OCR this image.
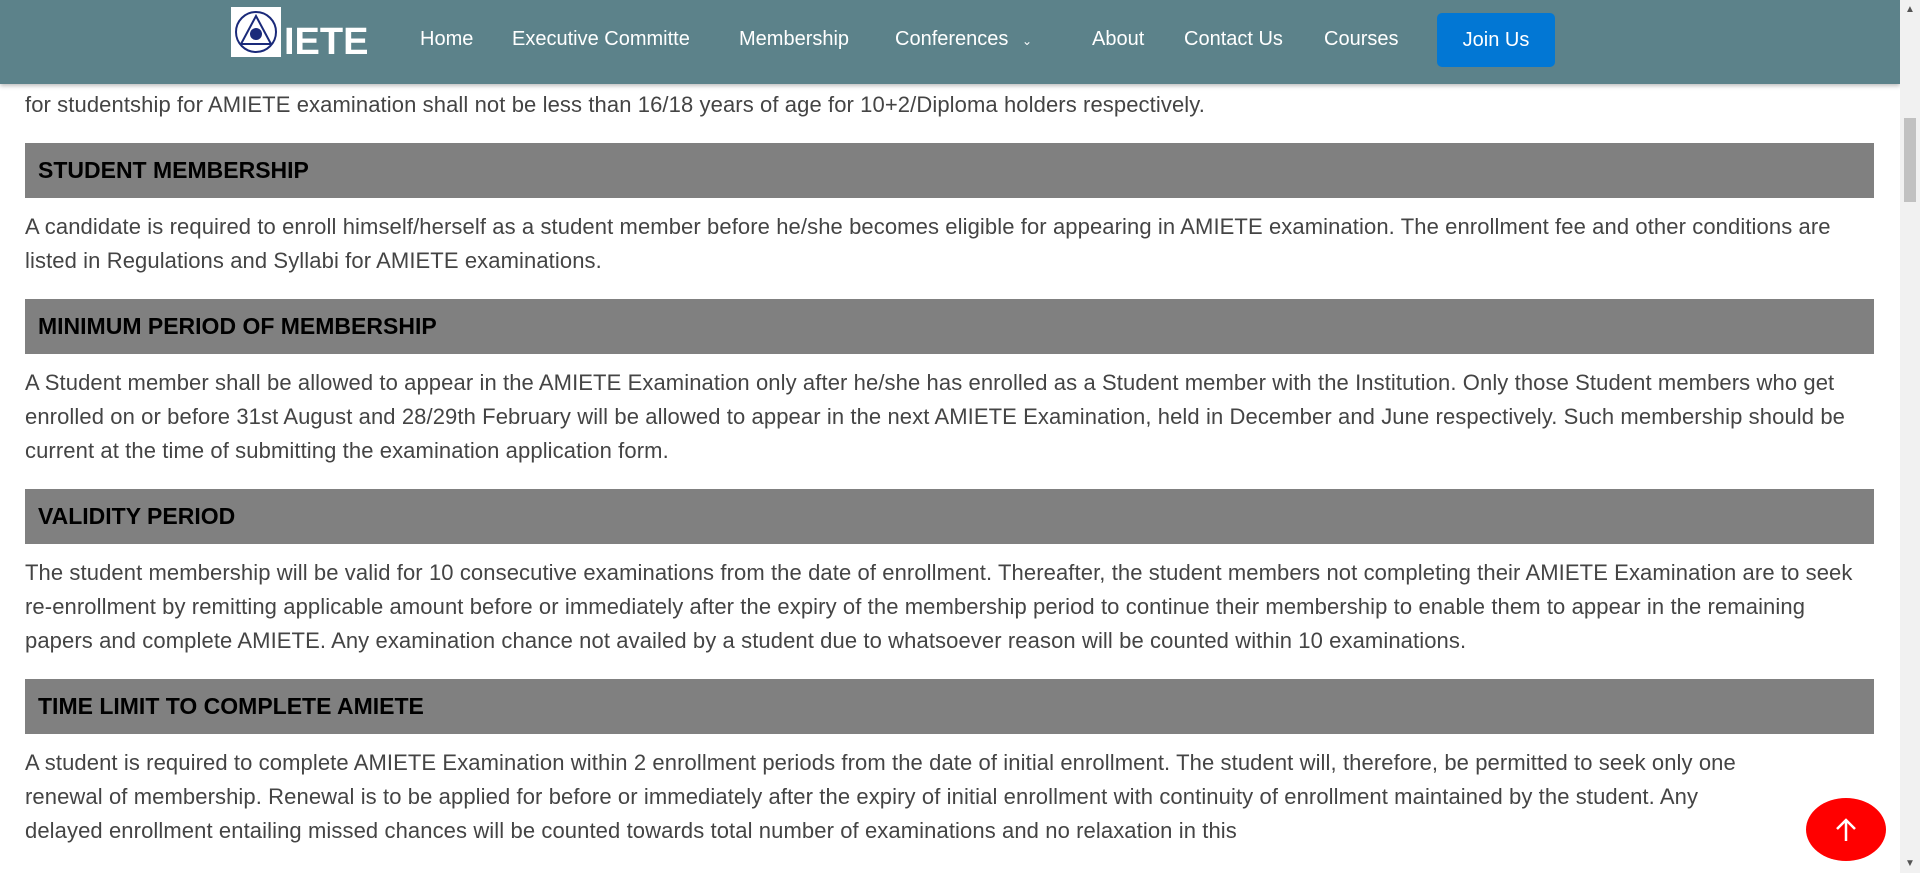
for studentship for AMIETE examination shall not be less than 16/18 years of age for 10+2/Diploma holders respectively.

STUDENT MEMBERSHIP

A candidate is required to enroll himself/herself as a student member before he/she becomes eligible for appearing in AMIETE examination. The enrollment fee and other conditions are listed in Regulations and Syllabi for AMIETE examinations.

MINIMUM PERIOD OF MEMBERSHIP

A Student member shall be allowed to appear in the AMIETE Examination only after he/she has enrolled as a Student member with the Institution. Only those Student members who get enrolled on or before 31st August and 28/29th February will be allowed to appear in the next AMIETE Examination, held in December and June respectively. Such membership should be current at the time of submitting the examination application form.

VALIDITY PERIOD

The student membership will be valid for 10 consecutive examinations from the date of enrollment. Thereafter, the student members not completing their AMIETE Examination are to seek re-enrollment by remitting applicable amount before or immediately after the expiry of the membership period to continue their membership to enable them to appear in the remaining papers and complete AMIETE. Any examination chance not availed by a student due to whatsoever reason will be counted within 10 examinations.

TIME LIMIT TO COMPLETE AMIETE

A student is required to complete AMIETE Examination within 2 enrollment periods from the date of initial enrollment. The student will, therefore, be permitted to seek only one renewal of membership. Renewal is to be applied for before or immediately after the expiry of initial enrollment with continuity of enrollment maintained by the student. Any delayed enrollment entailing missed chances will be counted towards total number of examinations and no relaxation in this

IETE	Home Executive Committe Membership Conferences ⌄	About Contact Us Courses	Join Us
▲
▼
